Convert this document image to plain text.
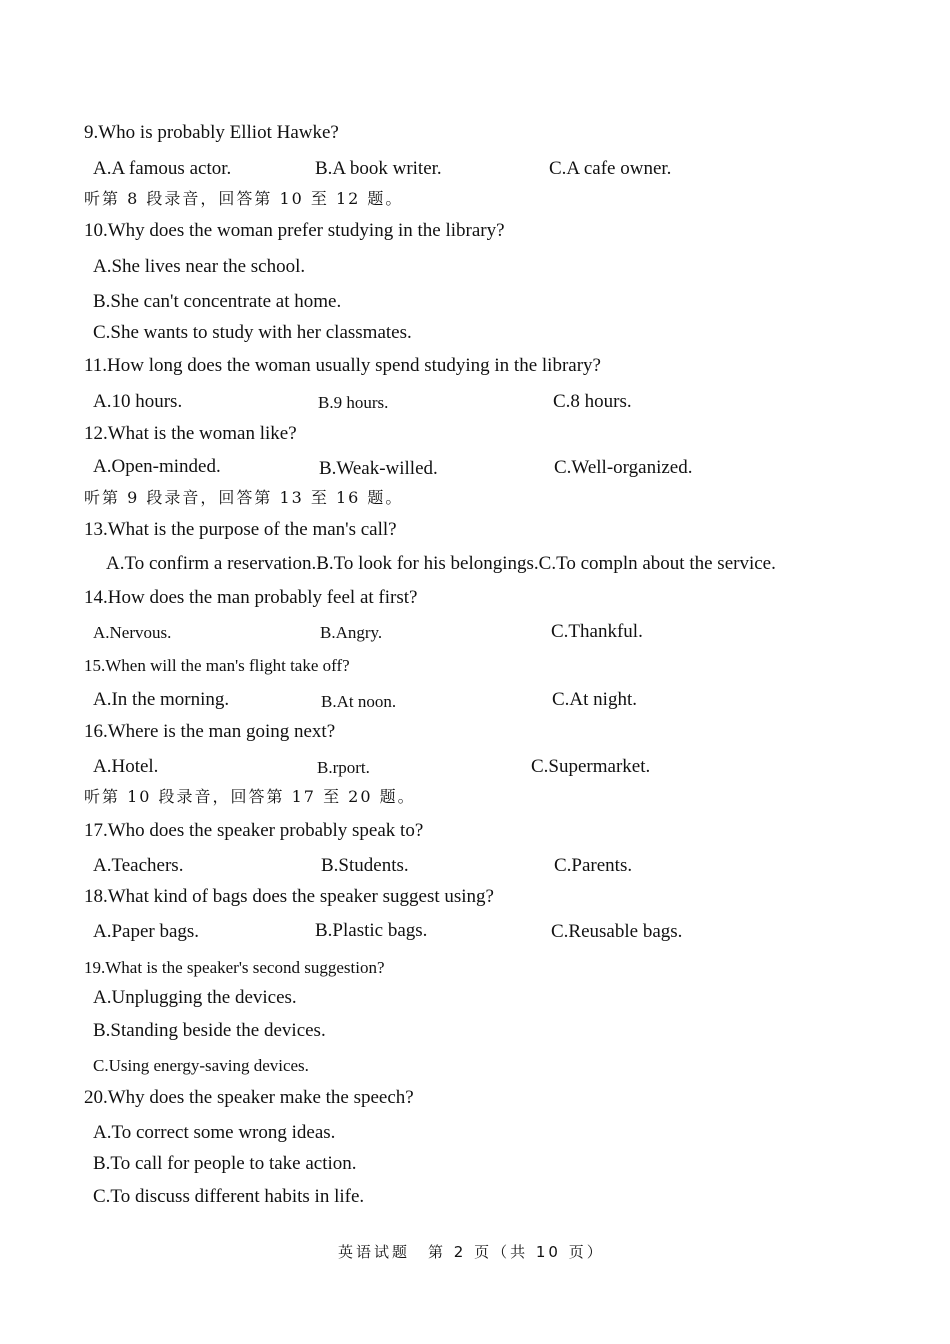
9.Who is probably Elliot Hawke?
A.A famous actor.	B.A book writer.	C.A cafe owner.
听第 8 段录音，回答第 10 至 12 题。
10.Why does the woman prefer studying in the library?
A.She lives near the school.
B.She can't concentrate at home.
C.She wants to study with her classmates.
11.How long does the woman usually spend studying in the library?
A.10 hours.	B.9 hours.	C.8 hours.
12.What is the woman like?
A.Open-minded.	B.Weak-willed.	C.Well-organized.
听第 9 段录音，回答第 13 至 16 题。
13.What is the purpose of the man's call?
A.To confirm a reservation.B.To look for his belongings.C.To compln about the service.
14.How does the man probably feel at first?
A.Nervous.	B.Angry.	C.Thankful.
15.When will the man's flight take off?
A.In the morning.	B.At noon.	C.At night.
16.Where is the man going next?
A.Hotel.	B.rport.	C.Supermarket.
听第 10 段录音，回答第 17 至 20 题。
17.Who does the speaker probably speak to?
A.Teachers.	B.Students.	C.Parents.
18.What kind of bags does the speaker suggest using?
A.Paper bags.	B.Plastic bags.	C.Reusable bags.
19.What is the speaker's second suggestion?
A.Unplugging the devices.
B.Standing beside the devices.
C.Using energy-saving devices.
20.Why does the speaker make the speech?
A.To correct some wrong ideas.
B.To call for people to take action.
C.To discuss different habits in life.
英语试题　第 2 页（共 10 页）
